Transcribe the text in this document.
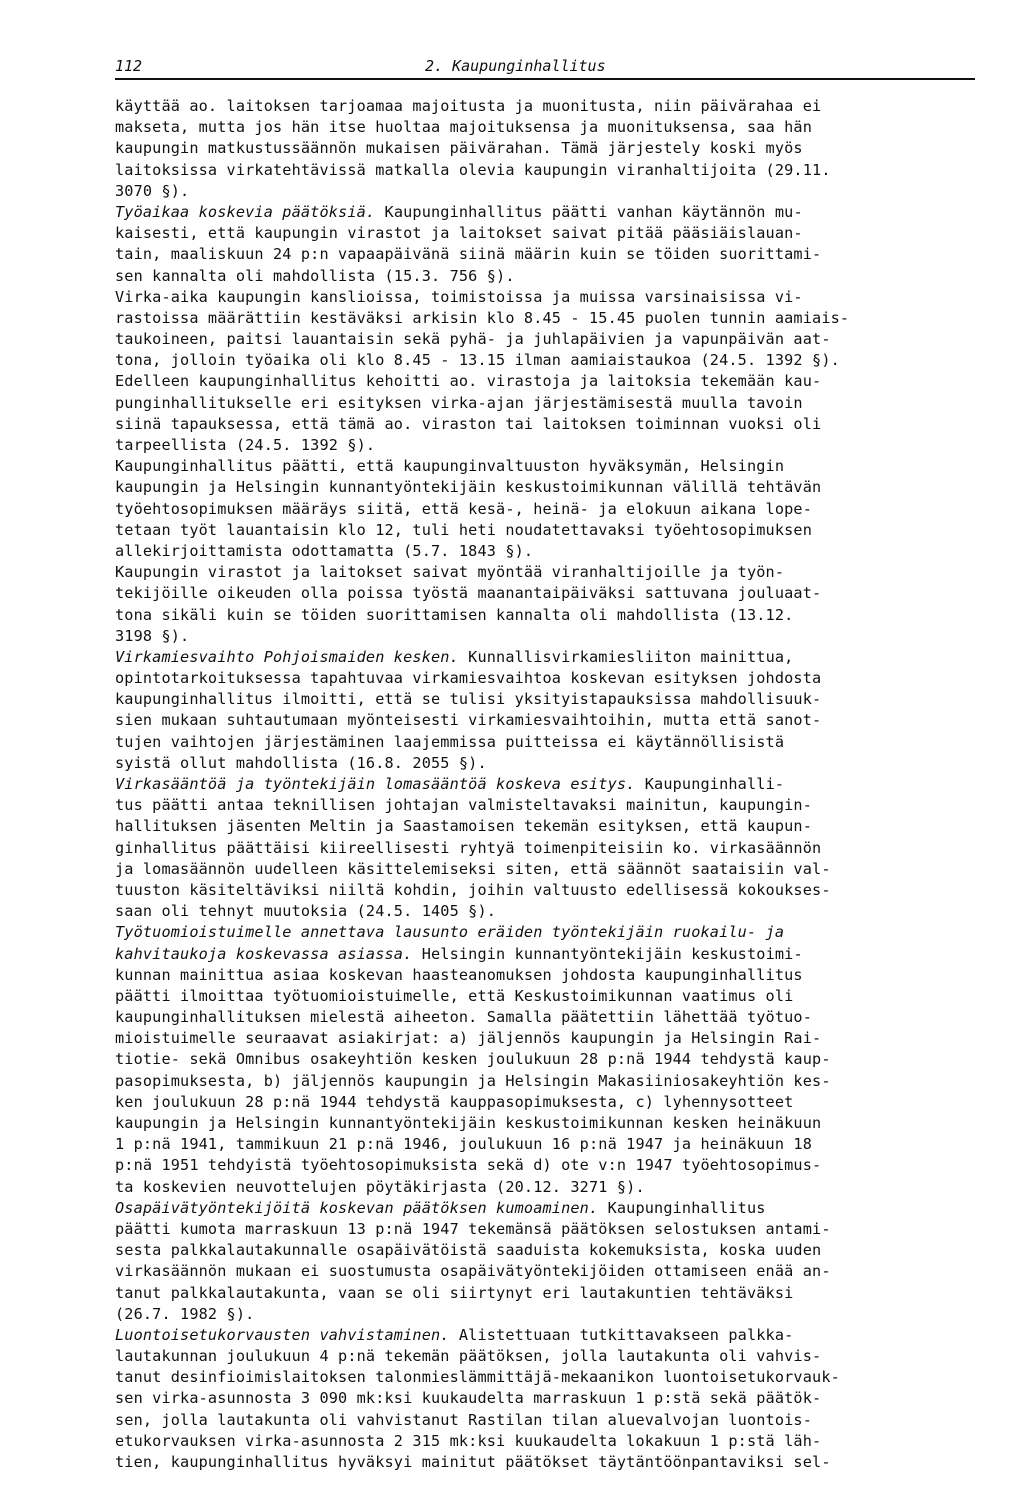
112	2. Kaupunginhallitus
käyttää ao. laitoksen tarjoamaa majoitusta ja muonitusta, niin päivärahaa ei
makseta, mutta jos hän itse huoltaa majoituksensa ja muonituksensa, saa hän
kaupungin matkustussäännön mukaisen päivärahan. Tämä järjestely koski myös
laitoksissa virkatehtävissä matkalla olevia kaupungin viranhaltijoita (29.11.
3070 §).
Työaikaa koskevia päätöksiä. Kaupunginhallitus päätti vanhan käytännön mu-
kaisesti, että kaupungin virastot ja laitokset saivat pitää pääsiäislauan-
tain, maaliskuun 24 p:n vapaapäivänä siinä määrin kuin se töiden suorittami-
sen kannalta oli mahdollista (15.3. 756 §).
Virka-aika kaupungin kanslioissa, toimistoissa ja muissa varsinaisissa vi-
rastoissa määrättiin kestäväksi arkisin klo 8.45 - 15.45 puolen tunnin aamiais-
taukoineen, paitsi lauantaisin sekä pyhä- ja juhlapäivien ja vapunpäivän aat-
tona, jolloin työaika oli klo 8.45 - 13.15 ilman aamiaistaukoa (24.5. 1392 §).
Edelleen kaupunginhallitus kehoitti ao. virastoja ja laitoksia tekemään kau-
punginhallitukselle eri esityksen virka-ajan järjestämisestä muulla tavoin
siinä tapauksessa, että tämä ao. viraston tai laitoksen toiminnan vuoksi oli
tarpeellista (24.5. 1392 §).
Kaupunginhallitus päätti, että kaupunginvaltuuston hyväksymän, Helsingin
kaupungin ja Helsingin kunnantyöntekijäin keskustoimikunnan välillä tehtävän
työehtosopimuksen määräys siitä, että kesä-, heinä- ja elokuun aikana lope-
tetaan työt lauantaisin klo 12, tuli heti noudatettavaksi työehtosopimuksen
allekirjoittamista odottamatta (5.7. 1843 §).
Kaupungin virastot ja laitokset saivat myöntää viranhaltijoille ja työn-
tekijöille oikeuden olla poissa työstä maanantaipäiväksi sattuvana jouluaat-
tona sikäli kuin se töiden suorittamisen kannalta oli mahdollista (13.12.
3198 §).
Virkamiesvaihto Pohjoismaiden kesken. Kunnallisvirkamiesliiton mainittua,
opintotarkoituksessa tapahtuvaa virkamiesvaihtoa koskevan esityksen johdosta
kaupunginhallitus ilmoitti, että se tulisi yksityistapauksissa mahdollisuuk-
sien mukaan suhtautumaan myönteisesti virkamiesvaihtoihin, mutta että sanot-
tujen vaihtojen järjestäminen laajemmissa puitteissa ei käytännöllisistä
syistä ollut mahdollista (16.8. 2055 §).
Virkasääntöä ja työntekijäin lomasääntöä koskeva esitys. Kaupunginhalli-
tus päätti antaa teknillisen johtajan valmisteltavaksi mainitun, kaupungin-
hallituksen jäsenten Meltin ja Saastamoisen tekemän esityksen, että kaupun-
ginhallitus päättäisi kiireellisesti ryhtyä toimenpiteisiin ko. virkasäännön
ja lomasäännön uudelleen käsittelemiseksi siten, että säännöt saataisiin val-
tuuston käsiteltäviksi niiltä kohdin, joihin valtuusto edellisessä kokoukses-
saan oli tehnyt muutoksia (24.5. 1405 §).
Työtuomioistuimelle annettava lausunto eräiden työntekijäin ruokailu- ja
kahvitaukoja koskevassa asiassa. Helsingin kunnantyöntekijäin keskustoimi-
kunnan mainittua asiaa koskevan haasteanomuksen johdosta kaupunginhallitus
päätti ilmoittaa työtuomioistuimelle, että Keskustoimikunnan vaatimus oli
kaupunginhallituksen mielestä aiheeton. Samalla päätettiin lähettää työtuo-
mioistuimelle seuraavat asiakirjat: a) jäljennös kaupungin ja Helsingin Rai-
tiotie- sekä Omnibus osakeyhtiön kesken joulukuun 28 p:nä 1944 tehdystä kaup-
pasopimuksesta, b) jäljennös kaupungin ja Helsingin Makasiiniosakeyhtiön kes-
ken joulukuun 28 p:nä 1944 tehdystä kauppasopimuksesta, c) lyhennysotteet
kaupungin ja Helsingin kunnantyöntekijäin keskustoimikunnan kesken heinäkuun
1 p:nä 1941, tammikuun 21 p:nä 1946, joulukuun 16 p:nä 1947 ja heinäkuun 18
p:nä 1951 tehdyistä työehtosopimuksista sekä d) ote v:n 1947 työehtosopimus-
ta koskevien neuvottelujen pöytäkirjasta (20.12. 3271 §).
Osapäivätyöntekijöitä koskevan päätöksen kumoaminen. Kaupunginhallitus
päätti kumota marraskuun 13 p:nä 1947 tekemänsä päätöksen selostuksen antami-
sesta palkkalautakunnalle osapäivätöistä saaduista kokemuksista, koska uuden
virkasäännön mukaan ei suostumusta osapäivätyöntekijöiden ottamiseen enää an-
tanut palkkalautakunta, vaan se oli siirtynyt eri lautakuntien tehtäväksi
(26.7. 1982 §).
Luontoisetukorvausten vahvistaminen. Alistettuaan tutkittavakseen palkka-
lautakunnan joulukuun 4 p:nä tekemän päätöksen, jolla lautakunta oli vahvis-
tanut desinfioimislaitoksen talonmieslämmittäjä-mekaanikon luontoisetukorvauk-
sen virka-asunnosta 3 090 mk:ksi kuukaudelta marraskuun 1 p:stä sekä päätök-
sen, jolla lautakunta oli vahvistanut Rastilan tilan aluevalvojan luontois-
etukorvauksen virka-asunnosta 2 315 mk:ksi kuukaudelta lokakuun 1 p:stä läh-
tien, kaupunginhallitus hyväksyi mainitut päätökset täytäntöönpantaviksi sel-
